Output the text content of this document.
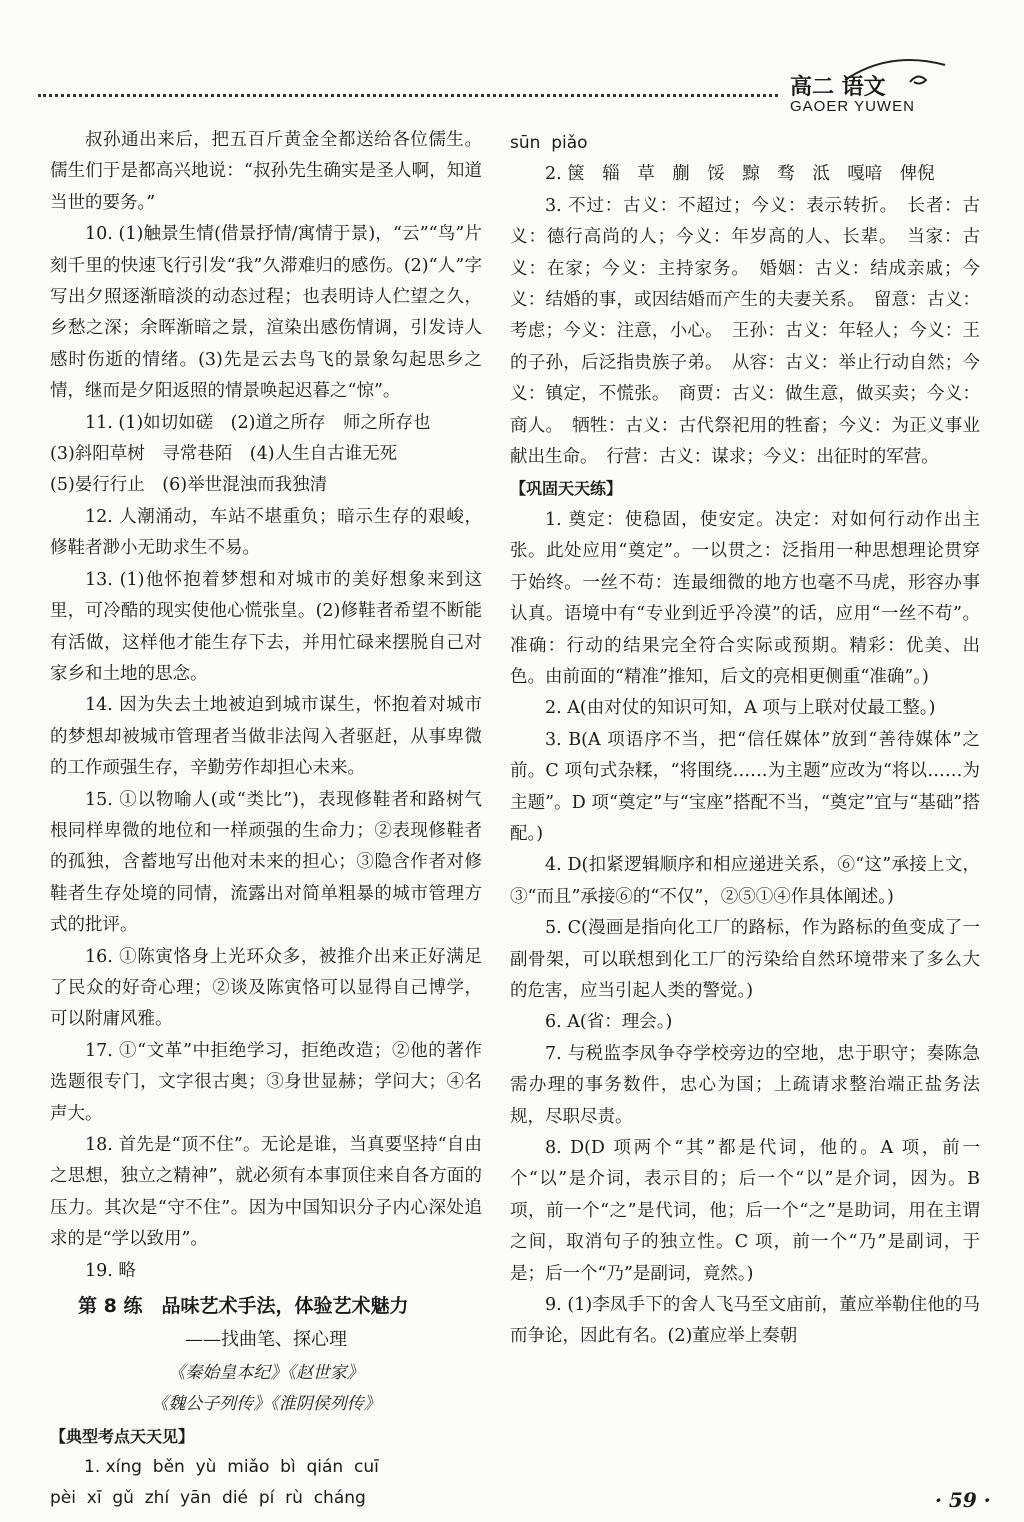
高二 语文
GAOER YUWEN

叔孙通出来后，把五百斤黄金全都送给各位儒生。儒生们于是都高兴地说：“叔孙先生确实是圣人啊，知道当世的要务。”

10. (1)触景生情(借景抒情/寓情于景)，“云”“鸟”片刻千里的快速飞行引发“我”久滞难归的感伤。(2)“人”字写出夕照逐渐暗淡的动态过程；也表明诗人伫望之久，乡愁之深；余晖渐暗之景，渲染出感伤情调，引发诗人感时伤逝的情绪。(3)先是云去鸟飞的景象勾起思乡之情，继而是夕阳返照的情景唤起迟暮之“惊”。

11. (1)如切如磋　(2)道之所存　师之所存也

(3)斜阳草树　寻常巷陌　(4)人生自古谁无死

(5)晏行行止　(6)举世混浊而我独清

12. 人潮涌动，车站不堪重负；暗示生存的艰峻，修鞋者渺小无助求生不易。

13. (1)他怀抱着梦想和对城市的美好想象来到这里，可冷酷的现实使他心慌张皇。(2)修鞋者希望不断能有活做，这样他才能生存下去，并用忙碌来摆脱自己对家乡和土地的思念。

14. 因为失去土地被迫到城市谋生，怀抱着对城市的梦想却被城市管理者当做非法闯入者驱赶，从事卑微的工作顽强生存，辛勤劳作却担心未来。

15. ①以物喻人(或“类比”)，表现修鞋者和路树气根同样卑微的地位和一样顽强的生命力；②表现修鞋者的孤独，含蓄地写出他对未来的担心；③隐含作者对修鞋者生存处境的同情，流露出对简单粗暴的城市管理方式的批评。

16. ①陈寅恪身上光环众多，被推介出来正好满足了民众的好奇心理；②谈及陈寅恪可以显得自己博学，可以附庸风雅。

17. ①“文革”中拒绝学习，拒绝改造；②他的著作选题很专门，文字很古奥；③身世显赫；学问大；④名声大。

18. 首先是“顶不住”。无论是谁，当真要坚持“自由之思想，独立之精神”，就必须有本事顶住来自各方面的压力。其次是“守不住”。因为中国知识分子内心深处追求的是“学以致用”。

19. 略

第 8 练　品味艺术手法，体验艺术魅力
——找曲笔、探心理

《秦始皇本纪》《赵世家》

《魏公子列传》《淮阴侯列传》

【典型考点天天见】

1. xíng  běn  yù  miǎo  bì  qián  cuī

pèi  xī  gǔ  zhí  yān  dié  pí  rù  cháng

sūn  piǎo

2. 箧　辎　草　蒯　馁　黥　骛　泜　嘎喑　俾倪

3. 不过：古义：不超过；今义：表示转折。　长者：古义：德行高尚的人；今义：年岁高的人、长辈。　当家：古义：在家；今义：主持家务。　婚姻：古义：结成亲戚；今义：结婚的事，或因结婚而产生的夫妻关系。　留意：古义：考虑；今义：注意，小心。　王孙：古义：年轻人；今义：王的子孙，后泛指贵族子弟。　从容：古义：举止行动自然；今义：镇定，不慌张。　商贾：古义：做生意，做买卖；今义：商人。　牺牲：古义：古代祭祀用的牲畜；今义：为正义事业献出生命。　行营：古义：谋求；今义：出征时的军营。

【巩固天天练】

1. 奠定：使稳固，使安定。决定：对如何行动作出主张。此处应用“奠定”。一以贯之：泛指用一种思想理论贯穿于始终。一丝不苟：连最细微的地方也毫不马虎，形容办事认真。语境中有“专业到近乎冷漠”的话，应用“一丝不苟”。准确：行动的结果完全符合实际或预期。精彩：优美、出色。由前面的“精准”推知，后文的亮相更侧重“准确”。)

2. A(由对仗的知识可知，A 项与上联对仗最工整。)

3. B(A 项语序不当，把“信任媒体”放到“善待媒体”之前。C 项句式杂糅，“将围绕……为主题”应改为“将以……为主题”。D 项“奠定”与“宝座”搭配不当，“奠定”宜与“基础”搭配。)

4. D(扣紧逻辑顺序和相应递进关系，⑥“这”承接上文，③“而且”承接⑥的“不仅”，②⑤①④作具体阐述。)

5. C(漫画是指向化工厂的路标，作为路标的鱼变成了一副骨架，可以联想到化工厂的污染给自然环境带来了多么大的危害，应当引起人类的警觉。)

6. A(省：理会。)

7. 与税监李凤争夺学校旁边的空地，忠于职守；奏陈急需办理的事务数件，忠心为国；上疏请求整治端正盐务法规，尽职尽责。

8. D(D 项两个“其”都是代词，他的。A 项，前一个“以”是介词，表示目的；后一个“以”是介词，因为。B 项，前一个“之”是代词，他；后一个“之”是助词，用在主谓之间，取消句子的独立性。C 项，前一个“乃”是副词，于是；后一个“乃”是副词，竟然。)

9. (1)李凤手下的舍人飞马至文庙前，董应举勒住他的马而争论，因此有名。(2)董应举上奏朝

· 59 ·
